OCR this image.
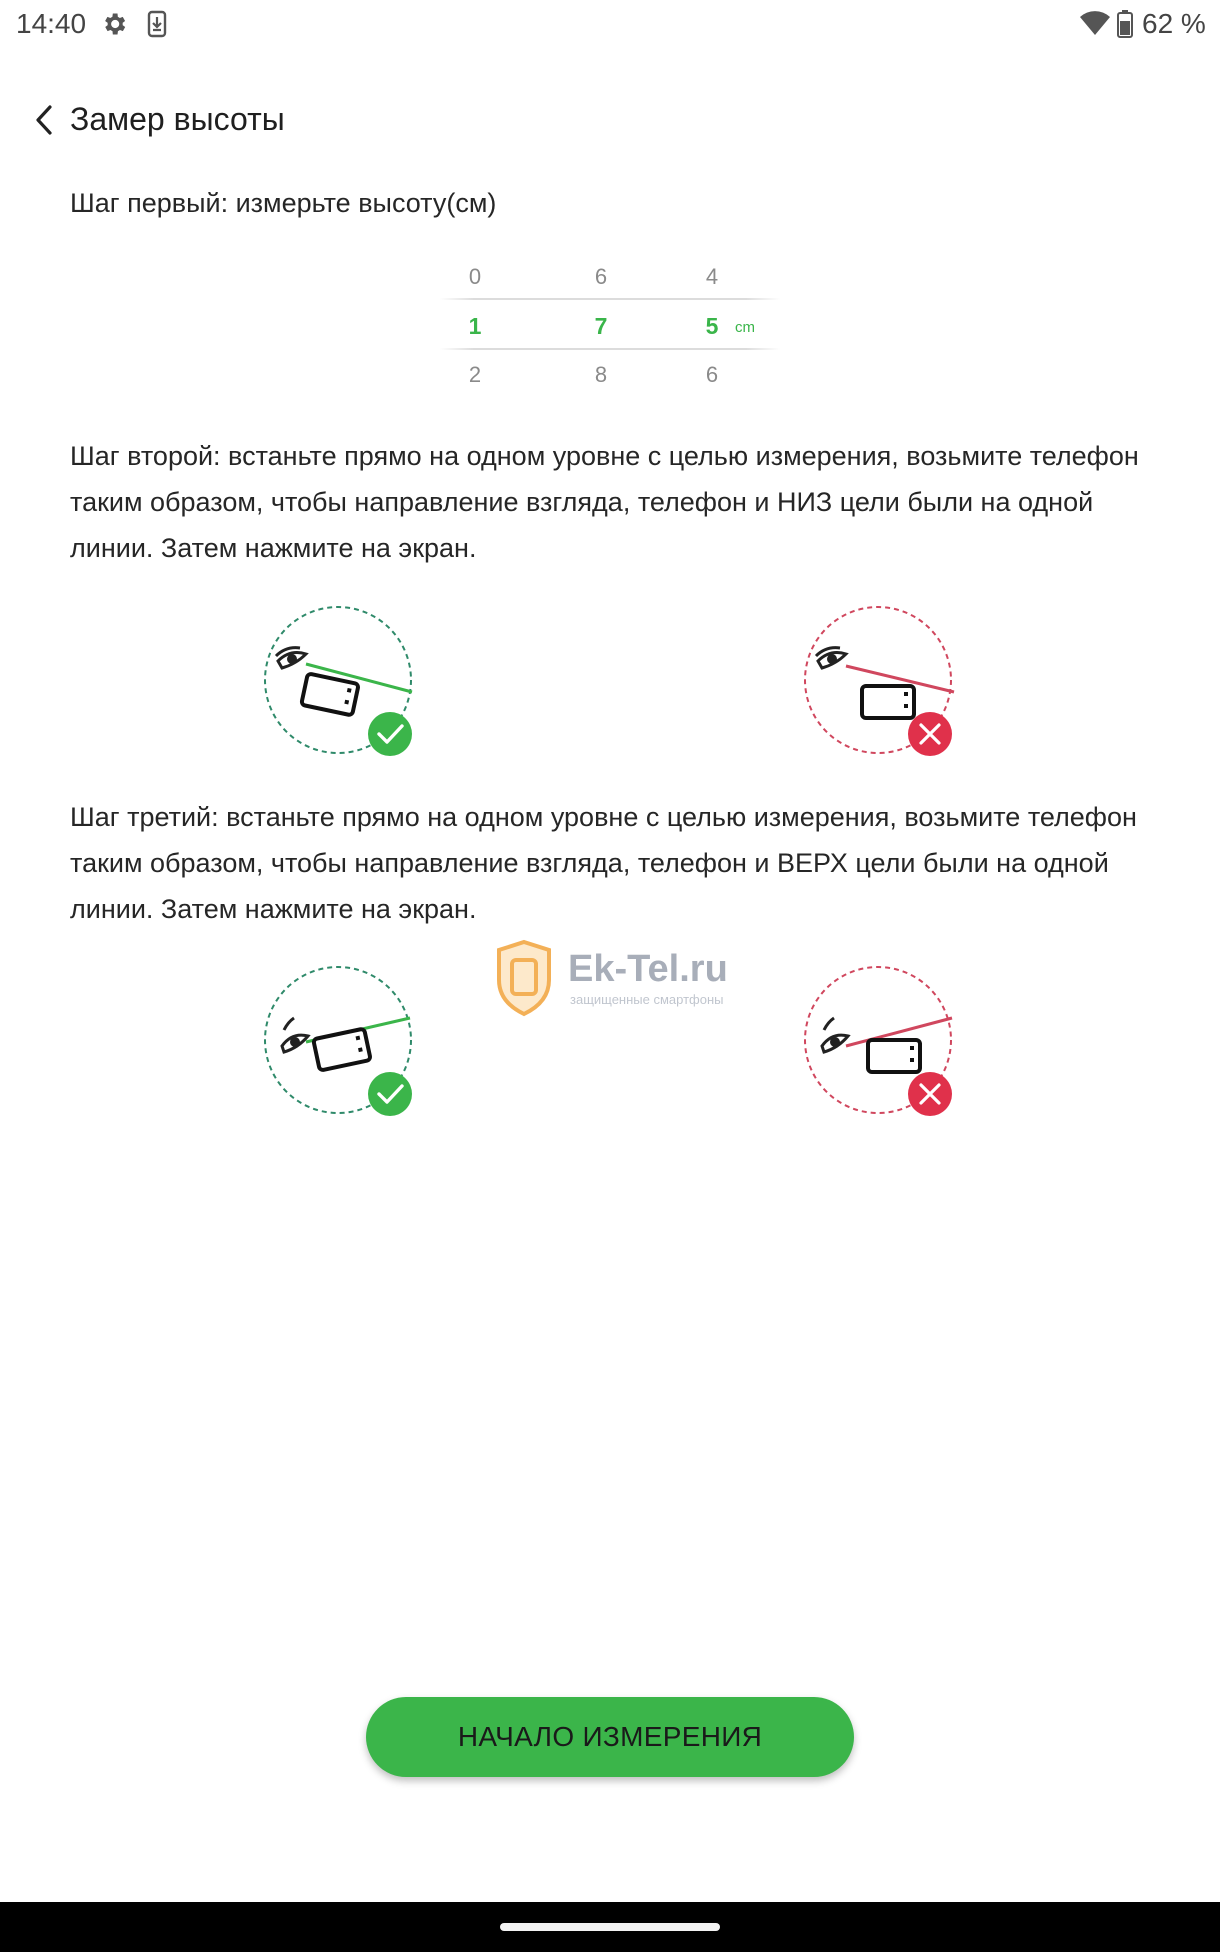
14:40	62 %
Замер высоты
Шаг первый: измерьте высоту(см)
0
1
2
6
7
8
4
5
6
cm
Шаг второй: встаньте прямо на одном уровне с целью измерения, возьмите телефон таким образом, чтобы направление взгляда, телефон и НИЗ цели были на одной линии. Затем нажмите на экран.
Шаг третий: встаньте прямо на одном уровне с целью измерения, возьмите телефон таким образом, чтобы направление взгляда, телефон и ВЕРХ цели были на одной линии. Затем нажмите на экран.
Ek-Tel.ru
защищенные смартфоны
НАЧАЛО ИЗМЕРЕНИЯ
